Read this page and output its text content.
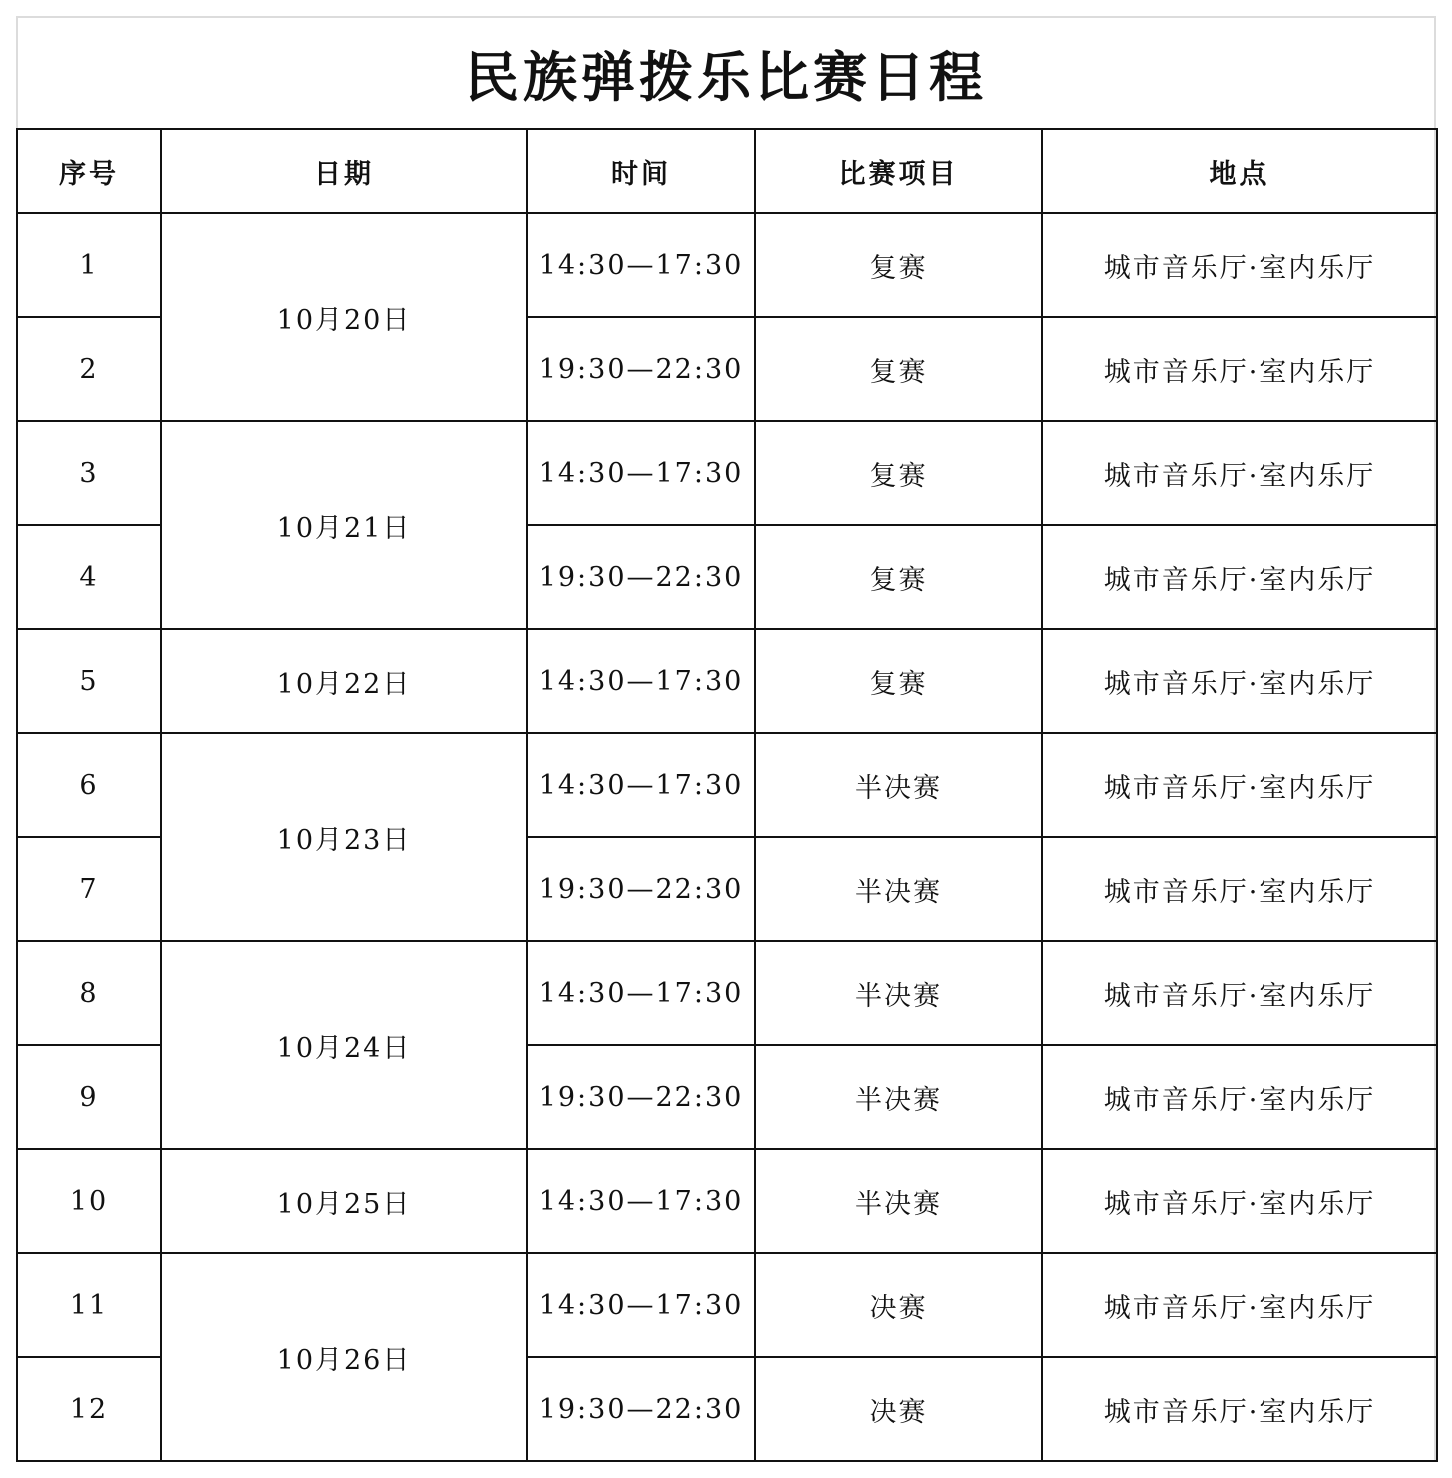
民族弹拨乐比赛日程
序号	日期	时间	比赛项目	地点
1	10月20日	14:30—17:30	复赛	城市音乐厅·室内乐厅
2		19:30—22:30	复赛	城市音乐厅·室内乐厅
3	10月21日	14:30—17:30	复赛	城市音乐厅·室内乐厅
4		19:30—22:30	复赛	城市音乐厅·室内乐厅
5	10月22日	14:30—17:30	复赛	城市音乐厅·室内乐厅
6	10月23日	14:30—17:30	半决赛	城市音乐厅·室内乐厅
7		19:30—22:30	半决赛	城市音乐厅·室内乐厅
8	10月24日	14:30—17:30	半决赛	城市音乐厅·室内乐厅
9		19:30—22:30	半决赛	城市音乐厅·室内乐厅
10	10月25日	14:30—17:30	半决赛	城市音乐厅·室内乐厅
11	10月26日	14:30—17:30	决赛	城市音乐厅·室内乐厅
12		19:30—22:30	决赛	城市音乐厅·室内乐厅
